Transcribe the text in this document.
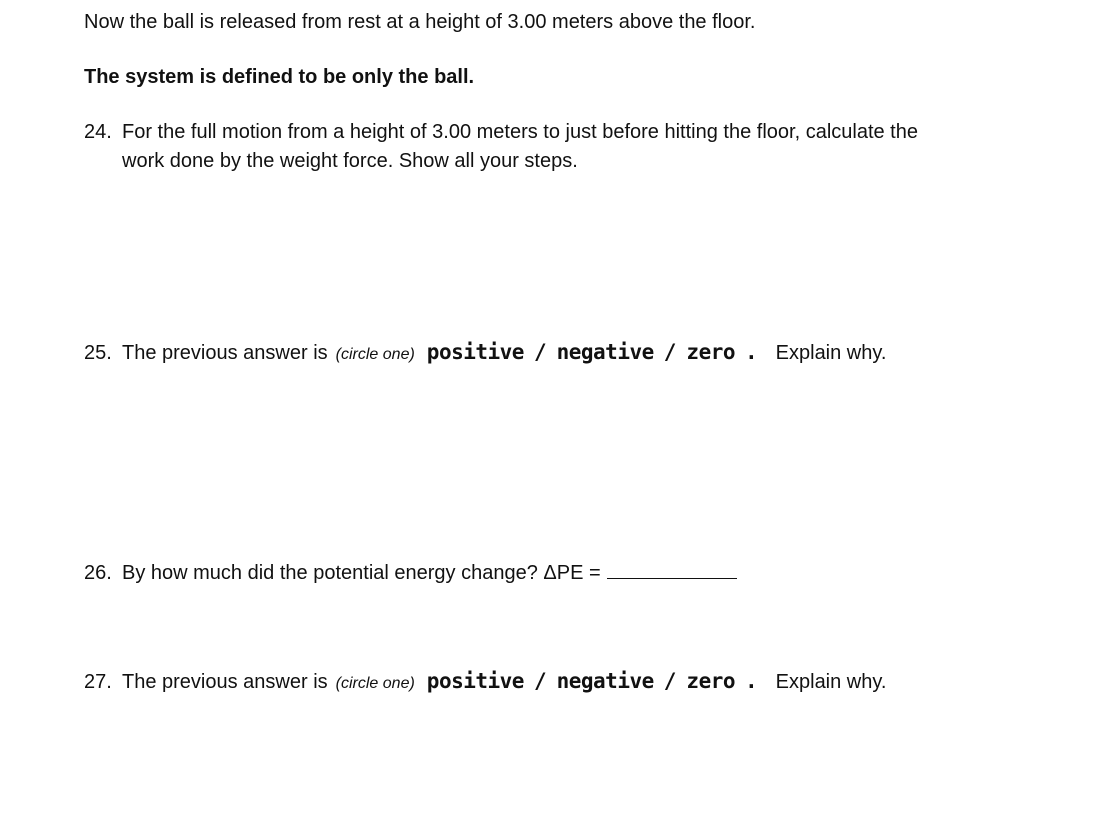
Now the ball is released from rest at a height of 3.00 meters above the floor.
The system is defined to be only the ball.
24. For the full motion from a height of 3.00 meters to just before hitting the floor, calculate the
work done by the weight force. Show all your steps.
25. The previous answer is (circle one) positive / negative / zero . Explain why.
26. By how much did the potential energy change? ΔPE =
27. The previous answer is (circle one) positive / negative / zero . Explain why.
